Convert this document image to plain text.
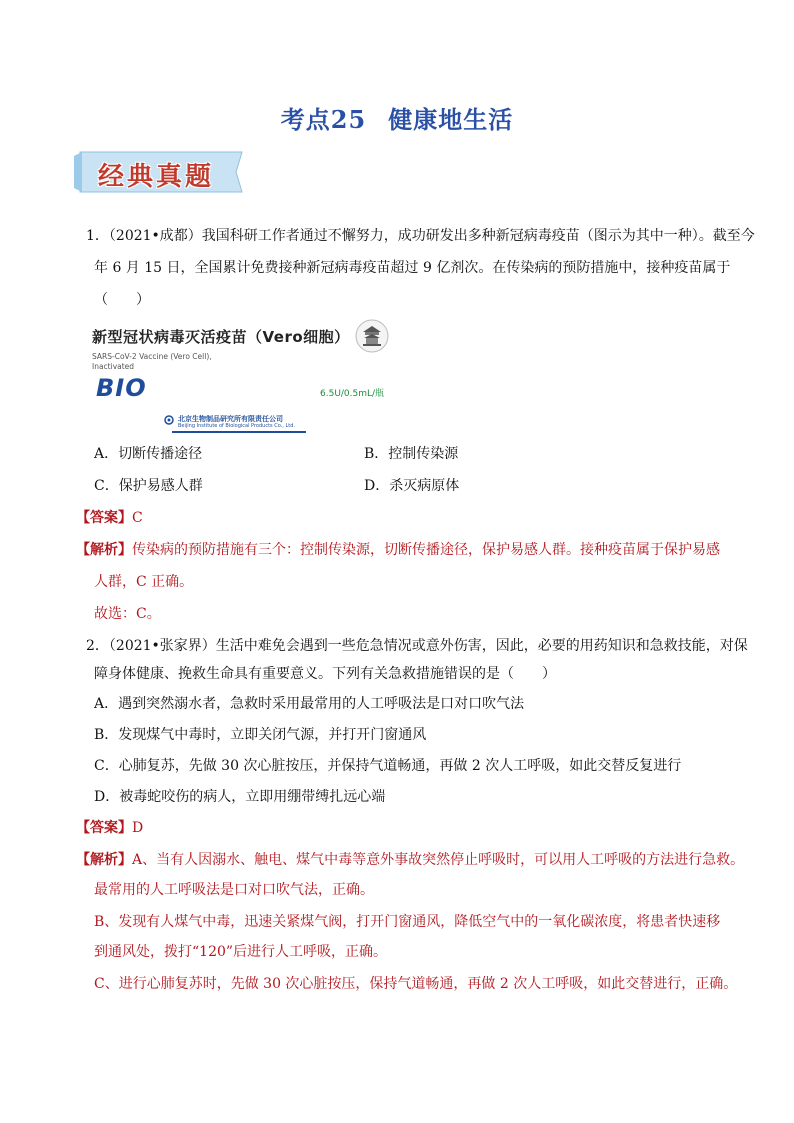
考点25 健康地生活
经典真题
1．（2021•成都）我国科研工作者通过不懈努力，成功研发出多种新冠病毒疫苗（图示为其中一种）。截至今
年 6 月 15 日，全国累计免费接种新冠病毒疫苗超过 9 亿剂次。在传染病的预防措施中，接种疫苗属于
（　　）
新型冠状病毒灭活疫苗（Vero细胞）
SARS-CoV-2 Vaccine (Vero Cell),
Inactivated
BIO	6.5U/0.5mL/瓶
北京生物制品研究所有限责任公司
Beijing Institute of Biological Products Co., Ltd.
A．切断传播途径	B．控制传染源
C．保护易感人群	D．杀灭病原体
【答案】C
【解析】传染病的预防措施有三个：控制传染源，切断传播途径，保护易感人群。接种疫苗属于保护易感
人群，C 正确。
故选：C。
2．（2021•张家界）生活中难免会遇到一些危急情况或意外伤害，因此，必要的用药知识和急救技能，对保
障身体健康、挽救生命具有重要意义。下列有关急救措施错误的是（　　）
A．遇到突然溺水者，急救时采用最常用的人工呼吸法是口对口吹气法
B．发现煤气中毒时，立即关闭气源，并打开门窗通风
C．心肺复苏，先做 30 次心脏按压，并保持气道畅通，再做 2 次人工呼吸，如此交替反复进行
D．被毒蛇咬伤的病人，立即用绷带缚扎远心端
【答案】D
【解析】A、当有人因溺水、触电、煤气中毒等意外事故突然停止呼吸时，可以用人工呼吸的方法进行急救。
最常用的人工呼吸法是口对口吹气法，正确。
B、发现有人煤气中毒，迅速关紧煤气阀，打开门窗通风，降低空气中的一氧化碳浓度，将患者快速移
到通风处，拨打“120”后进行人工呼吸，正确。
C、进行心肺复苏时，先做 30 次心脏按压，保持气道畅通，再做 2 次人工呼吸，如此交替进行，正确。
